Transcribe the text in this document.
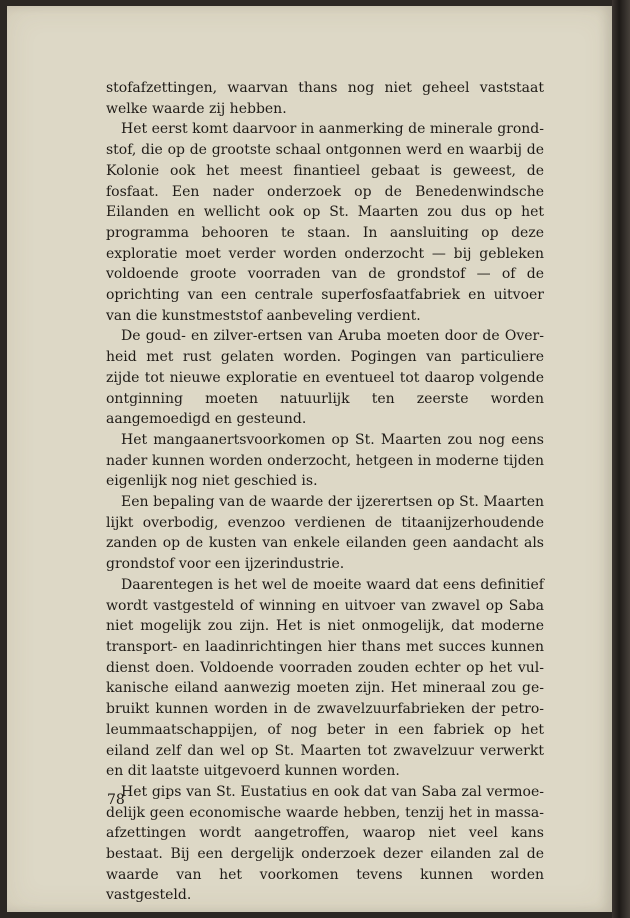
stofafzettingen, waarvan thans nog niet geheel vaststaat welke waarde zij hebben.

Het eerst komt daarvoor in aanmerking de minerale grondstof, die op de grootste schaal ontgonnen werd en waarbij de Kolonie ook het meest finantieel gebaat is geweest, de fosfaat. Een nader onderzoek op de Benedenwindsche Eilanden en wellicht ook op St. Maarten zou dus op het programma behooren te staan. In aansluiting op deze exploratie moet verder worden onderzocht — bij gebleken voldoende groote voorraden van de grondstof — of de oprichting van een centrale superfosfaatfabriek en uitvoer van die kunstmeststof aanbeveling verdient.

De goud- en zilver-ertsen van Aruba moeten door de Overheid met rust gelaten worden. Pogingen van particuliere zijde tot nieuwe exploratie en eventueel tot daarop volgende ontginning moeten natuurlijk ten zeerste worden aangemoedigd en gesteund.

Het mangaanertsvoorkomen op St. Maarten zou nog eens nader kunnen worden onderzocht, hetgeen in moderne tijden eigenlijk nog niet geschied is.

Een bepaling van de waarde der ijzerertsen op St. Maarten lijkt overbodig, evenzoo verdienen de titaanijzerhoudende zanden op de kusten van enkele eilanden geen aandacht als grondstof voor een ijzerindustrie.

Daarentegen is het wel de moeite waard dat eens definitief wordt vastgesteld of winning en uitvoer van zwavel op Saba niet mogelijk zou zijn. Het is niet onmogelijk, dat moderne transport- en laadinrichtingen hier thans met succes kunnen dienst doen. Voldoende voorraden zouden echter op het vulkanische eiland aanwezig moeten zijn. Het mineraal zou gebruikt kunnen worden in de zwavelzuurfabrieken der petroleummaatschappijen, of nog beter in een fabriek op het eiland zelf dan wel op St. Maarten tot zwavelzuur verwerkt en dit laatste uitgevoerd kunnen worden.

Het gips van St. Eustatius en ook dat van Saba zal vermoedelijk geen economische waarde hebben, tenzij het in massaafzettingen wordt aangetroffen, waarop niet veel kans bestaat. Bij een dergelijk onderzoek dezer eilanden zal de waarde van het voorkomen tevens kunnen worden vastgesteld.

78
